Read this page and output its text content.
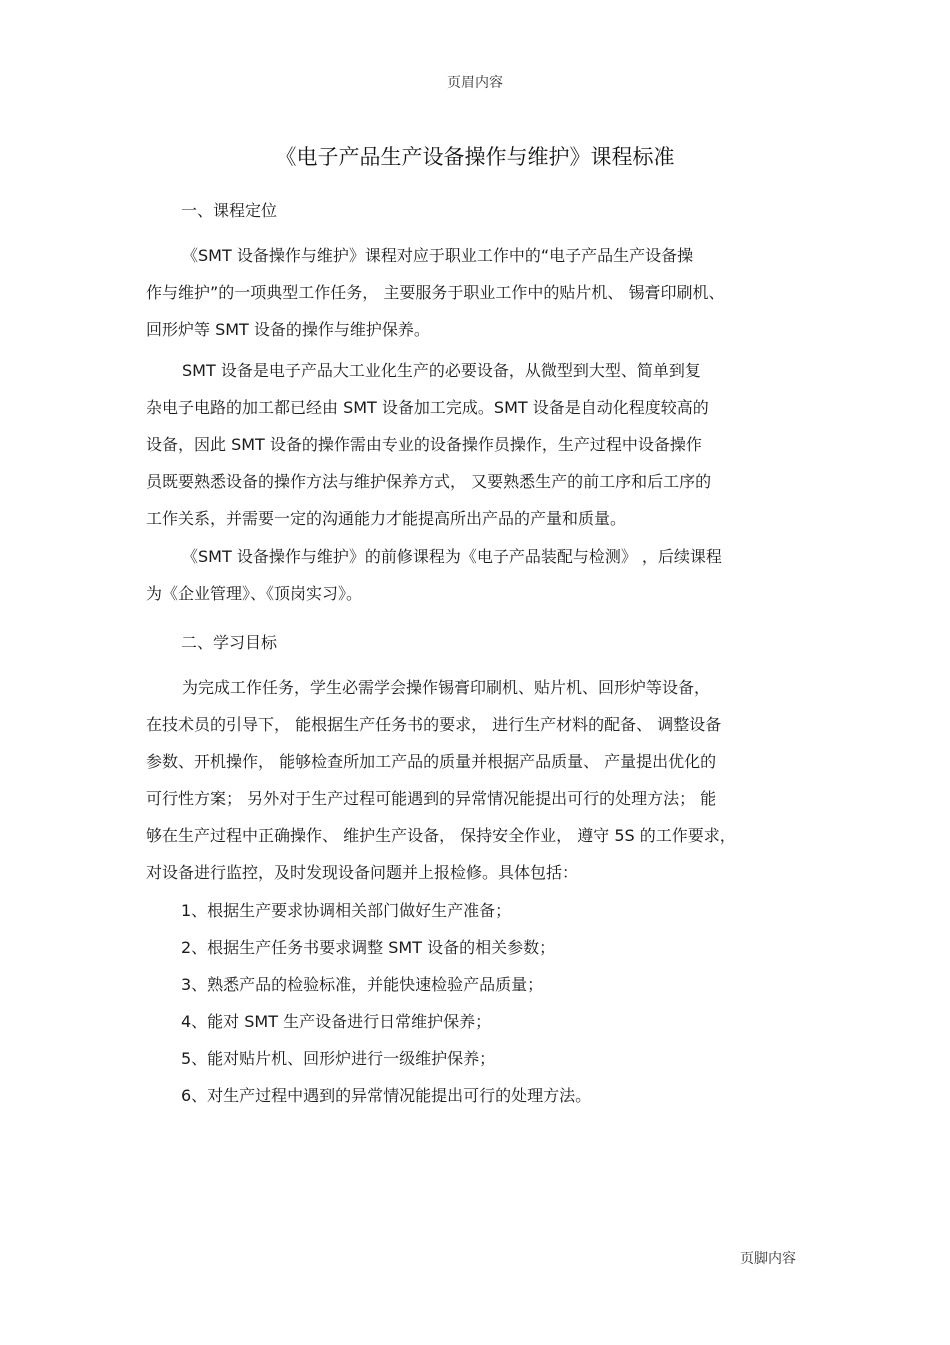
页眉内容
《电子产品生产设备操作与维护》课程标准
一、课程定位
《SMT 设备操作与维护》课程对应于职业工作中的“电子产品生产设备操
作与维护”的一项典型工作任务， 主要服务于职业工作中的贴片机、 锡膏印刷机、
回形炉等 SMT 设备的操作与维护保养。
SMT 设备是电子产品大工业化生产的必要设备，从微型到大型、简单到复
杂电子电路的加工都已经由 SMT 设备加工完成。SMT 设备是自动化程度较高的
设备，因此 SMT 设备的操作需由专业的设备操作员操作，生产过程中设备操作
员既要熟悉设备的操作方法与维护保养方式， 又要熟悉生产的前工序和后工序的
工作关系，并需要一定的沟通能力才能提高所出产品的产量和质量。
《SMT 设备操作与维护》的前修课程为《电子产品装配与检测》 ，后续课程
为《企业管理》、《顶岗实习》。
二、学习目标
为完成工作任务，学生必需学会操作锡膏印刷机、贴片机、回形炉等设备，
在技术员的引导下， 能根据生产任务书的要求， 进行生产材料的配备、 调整设备
参数、开机操作， 能够检查所加工产品的质量并根据产品质量、 产量提出优化的
可行性方案； 另外对于生产过程可能遇到的异常情况能提出可行的处理方法； 能
够在生产过程中正确操作、 维护生产设备， 保持安全作业， 遵守 5S 的工作要求，
对设备进行监控，及时发现设备问题并上报检修。具体包括：
1、根据生产要求协调相关部门做好生产准备；
2、根据生产任务书要求调整 SMT 设备的相关参数；
3、熟悉产品的检验标准，并能快速检验产品质量；
4、能对 SMT 生产设备进行日常维护保养；
5、能对贴片机、回形炉进行一级维护保养；
6、对生产过程中遇到的异常情况能提出可行的处理方法。
页脚内容
